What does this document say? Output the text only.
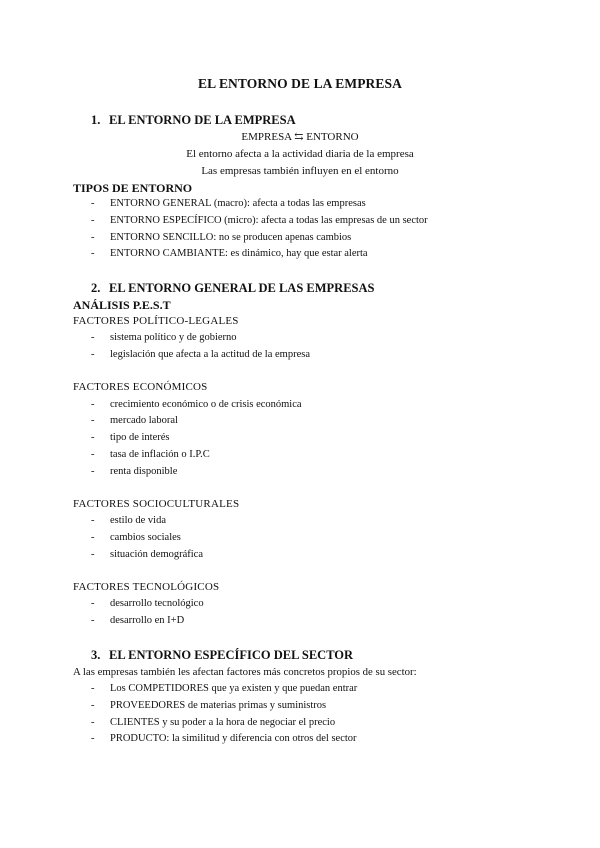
EL ENTORNO DE LA EMPRESA
1. EL ENTORNO DE LA EMPRESA
EMPRESA ⇆ ENTORNO
El entorno afecta a la actividad diaria de la empresa
Las empresas también influyen en el entorno
TIPOS DE ENTORNO
- ENTORNO GENERAL (macro): afecta a todas las empresas
- ENTORNO ESPECÍFICO (micro): afecta a todas las empresas de un sector
- ENTORNO SENCILLO: no se producen apenas cambios
- ENTORNO CAMBIANTE: es dinámico, hay que estar alerta
2. EL ENTORNO GENERAL DE LAS EMPRESAS
ANÁLISIS P.E.S.T
FACTORES POLÍTICO-LEGALES
- sistema político y de gobierno
- legislación que afecta a la actitud de la empresa
FACTORES ECONÓMICOS
- crecimiento económico o de crisis económica
- mercado laboral
- tipo de interés
- tasa de inflación o I.P.C
- renta disponible
FACTORES SOCIOCULTURALES
- estilo de vida
- cambios sociales
- situación demográfica
FACTORES TECNOLÓGICOS
- desarrollo tecnológico
- desarrollo en I+D
3. EL ENTORNO ESPECÍFICO DEL SECTOR
A las empresas también les afectan factores más concretos propios de su sector:
- Los COMPETIDORES que ya existen y que puedan entrar
- PROVEEDORES de materias primas y suministros
- CLIENTES y su poder a la hora de negociar el precio
- PRODUCTO: la similitud y diferencia con otros del sector
